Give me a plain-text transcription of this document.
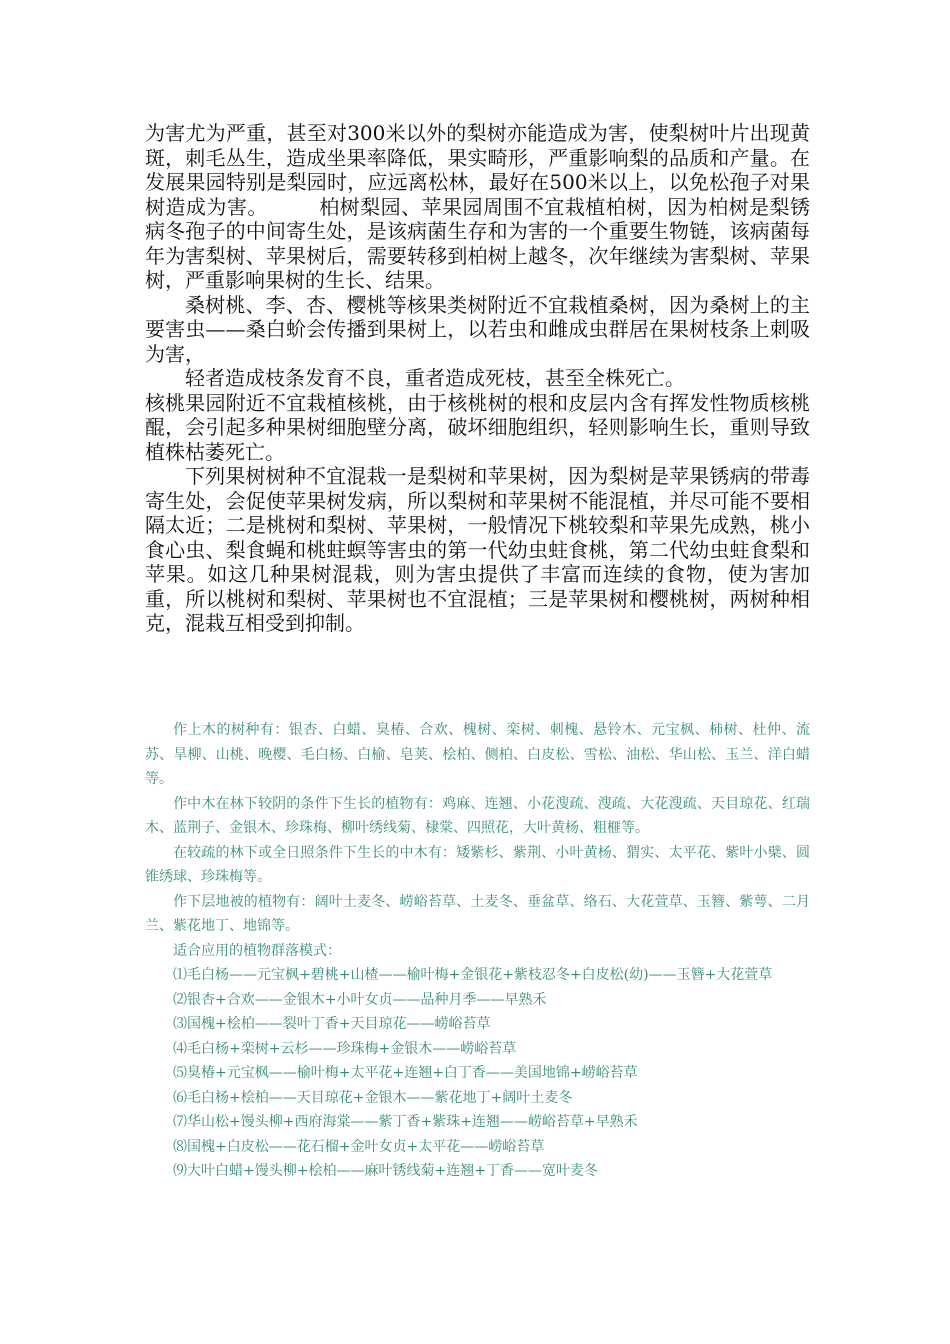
为害尤为严重，甚至对300米以外的梨树亦能造成为害，使梨树叶片出现黄斑，刺毛丛生，造成坐果率降低，果实畸形，严重影响梨的品质和产量。在发展果园特别是梨园时，应远离松林，最好在500米以上，以免松孢子对果树造成为害。　　　柏树梨园、苹果园周围不宜栽植柏树，因为柏树是梨锈病冬孢子的中间寄生处，是该病菌生存和为害的一个重要生物链，该病菌每年为害梨树、苹果树后，需要转移到柏树上越冬，次年继续为害梨树、苹果树，严重影响果树的生长、结果。

桑树桃、李、杏、樱桃等核果类树附近不宜栽植桑树，因为桑树上的主要害虫——桑白蚧会传播到果树上，以若虫和雌成虫群居在果树枝条上刺吸为害，

轻者造成枝条发育不良，重者造成死枝，甚至全株死亡。

核桃果园附近不宜栽植核桃，由于核桃树的根和皮层内含有挥发性物质核桃醌，会引起多种果树细胞壁分离，破坏细胞组织，轻则影响生长，重则导致植株枯萎死亡。

下列果树树种不宜混栽一是梨树和苹果树，因为梨树是苹果锈病的带毒寄生处，会促使苹果树发病，所以梨树和苹果树不能混植，并尽可能不要相隔太近；二是桃树和梨树、苹果树，一般情况下桃较梨和苹果先成熟，桃小食心虫、梨食蝇和桃蛀螟等害虫的第一代幼虫蛀食桃，第二代幼虫蛀食梨和苹果。如这几种果树混栽，则为害虫提供了丰富而连续的食物，使为害加重，所以桃树和梨树、苹果树也不宜混植；三是苹果树和樱桃树，两树种相克，混栽互相受到抑制。

作上木的树种有：银杏、白蜡、臭椿、合欢、槐树、栾树、刺槐、悬铃木、元宝枫、柿树、杜仲、流苏、旱柳、山桃、晚樱、毛白杨、白榆、皂荚、桧柏、侧柏、白皮松、雪松、油松、华山松、玉兰、洋白蜡等。

作中木在林下较阴的条件下生长的植物有：鸡麻、连翘、小花溲疏、溲疏、大花溲疏、天目琼花、红瑞木、蓝荆子、金银木、珍珠梅、柳叶绣线菊、棣棠、四照花，大叶黄杨、粗榧等。

在较疏的林下或全日照条件下生长的中木有：矮紫杉、紫荆、小叶黄杨、猬实、太平花、紫叶小檗、圆锥绣球、珍珠梅等。

作下层地被的植物有：阔叶土麦冬、崂峪苔草、土麦冬、垂盆草、络石、大花萱草、玉簪、紫萼、二月兰、紫花地丁、地锦等。

适合应用的植物群落模式：

⑴毛白杨——元宝枫+碧桃+山楂——榆叶梅+金银花+紫枝忍冬+白皮松(幼)——玉簪+大花萱草

⑵银杏+合欢——金银木+小叶女贞——品种月季——早熟禾

⑶国槐+桧柏——裂叶丁香+天目琼花——崂峪苔草

⑷毛白杨+栾树+云杉——珍珠梅+金银木——崂峪苔草

⑸臭椿+元宝枫——榆叶梅+太平花+连翘+白丁香——美国地锦+崂峪苔草

⑹毛白杨+桧柏——天目琼花+金银木——紫花地丁+阔叶土麦冬

⑺华山松+馒头柳+西府海棠——紫丁香+紫珠+连翘——崂峪苔草+早熟禾

⑻国槐+白皮松——花石榴+金叶女贞+太平花——崂峪苔草

⑼大叶白蜡+馒头柳+桧柏——麻叶锈线菊+连翘+丁香——宽叶麦冬
